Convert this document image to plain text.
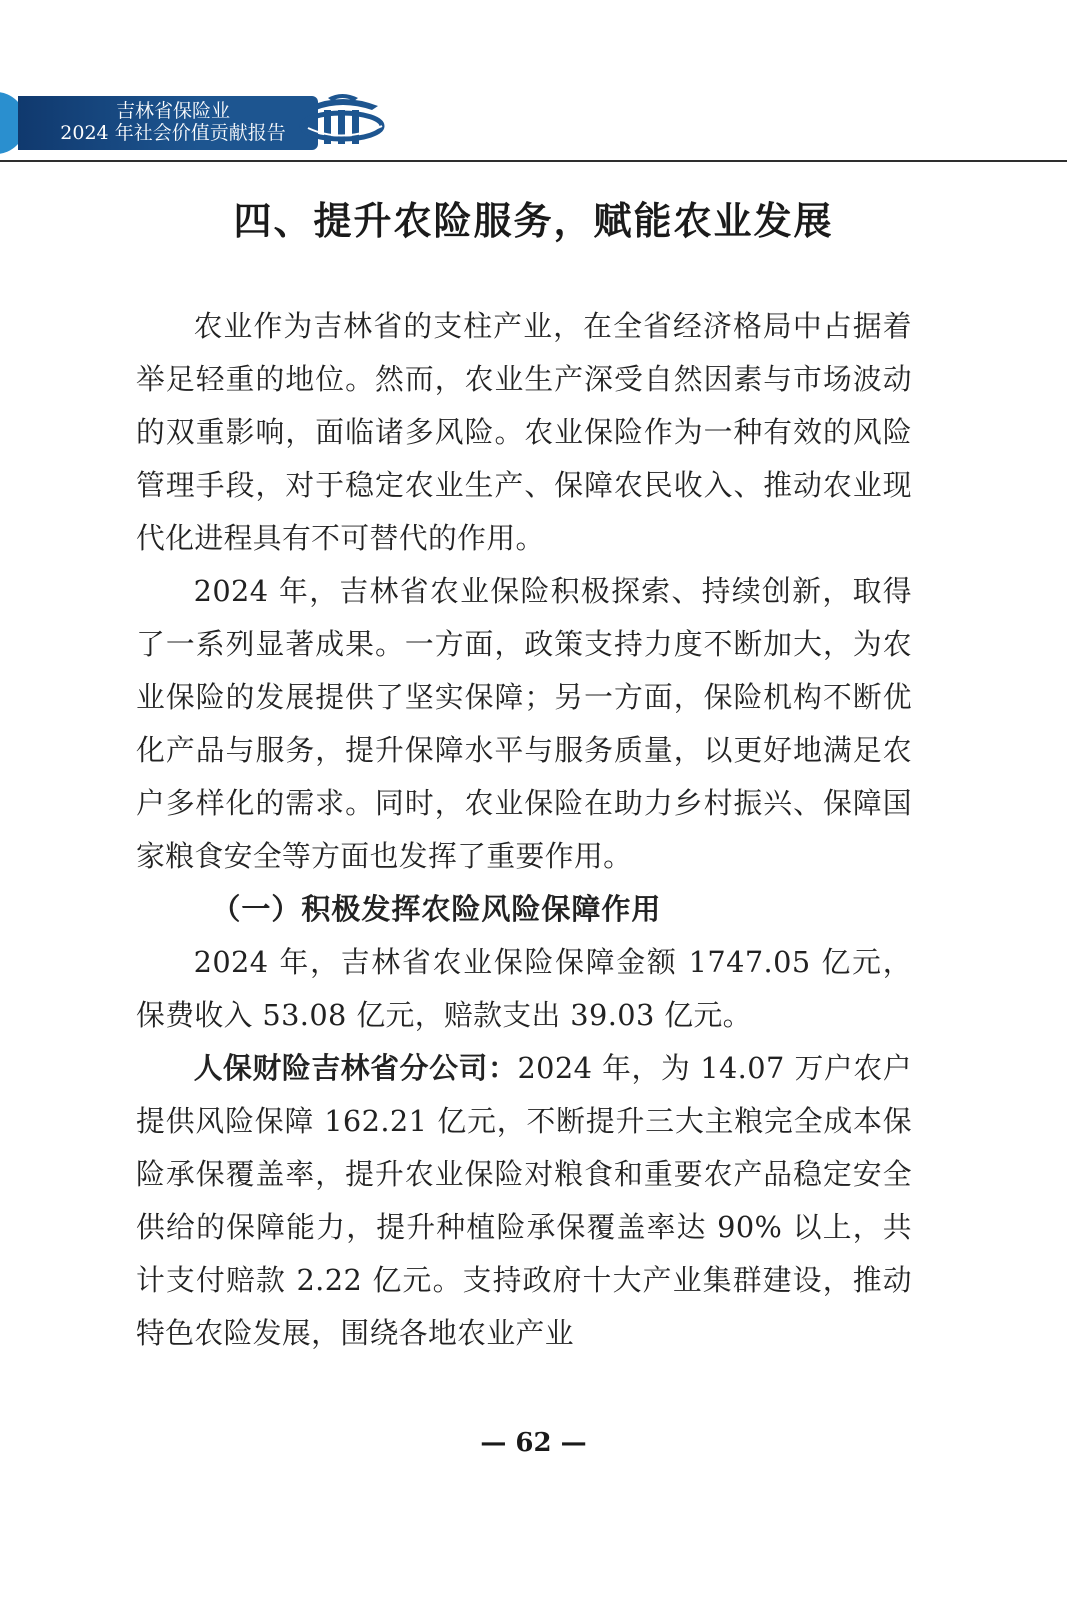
吉林省保险业
2024 年社会价值贡献报告
四、提升农险服务，赋能农业发展

农业作为吉林省的支柱产业，在全省经济格局中占据着举足轻重的地位。然而，农业生产深受自然因素与市场波动的双重影响，面临诸多风险。农业保险作为一种有效的风险管理手段，对于稳定农业生产、保障农民收入、推动农业现代化进程具有不可替代的作用。

2024 年，吉林省农业保险积极探索、持续创新，取得了一系列显著成果。一方面，政策支持力度不断加大，为农业保险的发展提供了坚实保障；另一方面，保险机构不断优化产品与服务，提升保障水平与服务质量，以更好地满足农户多样化的需求。同时，农业保险在助力乡村振兴、保障国家粮食安全等方面也发挥了重要作用。

（一）积极发挥农险风险保障作用

2024 年，吉林省农业保险保障金额 1747.05 亿元，保费收入 53.08 亿元，赔款支出 39.03 亿元。

人保财险吉林省分公司：2024 年，为 14.07 万户农户提供风险保障 162.21 亿元，不断提升三大主粮完全成本保险承保覆盖率，提升农业保险对粮食和重要农产品稳定安全供给的保障能力，提升种植险承保覆盖率达 90% 以上，共计支付赔款 2.22 亿元。支持政府十大产业集群建设，推动特色农险发展，围绕各地农业产业

— 62 —
